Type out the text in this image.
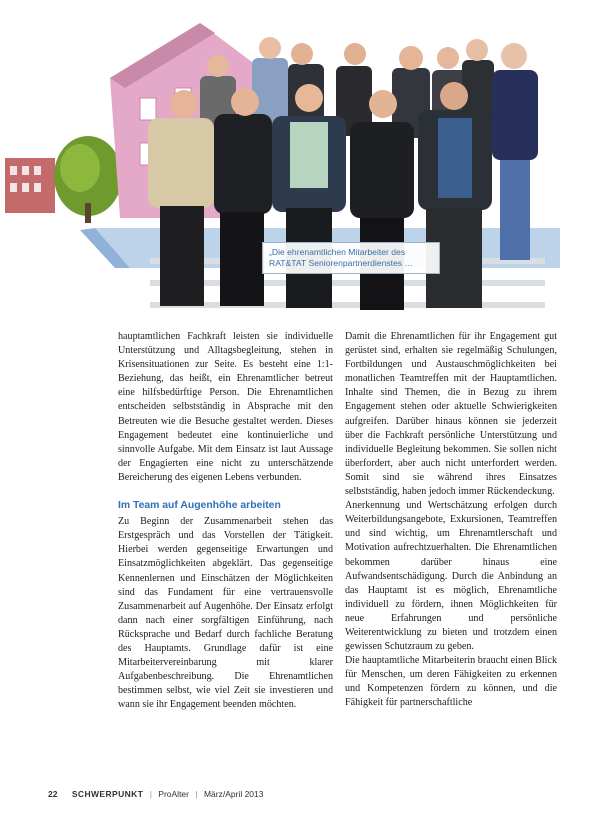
„Die ehrenamtlichen Mitarbeiter des RAT&TAT Seniorenpartnerdienstes …

hauptamtlichen Fachkraft leisten sie individuelle Unterstützung und Alltagsbegleitung, stehen in Krisensituationen zur Seite. Es besteht eine 1:1-Beziehung, das heißt, ein Ehrenamtlicher betreut eine hilfsbedürftige Person. Die Ehrenamtlichen entscheiden selbstständig in Absprache mit den Betreuten wie die Besuche gestaltet werden. Dieses Engagement bedeutet eine kontinuierliche und sinnvolle Aufgabe. Mit dem Einsatz ist laut Aussage der Engagierten eine nicht zu unterschätzende Bereicherung des eigenen Lebens verbunden.

Im Team auf Augenhöhe arbeiten

Zu Beginn der Zusammenarbeit stehen das Erstgespräch und das Vorstellen der Tätigkeit. Hierbei werden gegenseitige Erwartungen und Einsatzmöglichkeiten abgeklärt. Das gegenseitige Kennenlernen und Einschätzen der Möglichkeiten sind das Fundament für eine vertrauensvolle Zusammenarbeit auf Augenhöhe. Der Einsatz erfolgt dann nach einer sorgfältigen Einführung, nach Rücksprache und Bedarf durch fachliche Beratung des Hauptamts. Grundlage dafür ist eine Mitarbeitervereinbarung mit klarer Aufgabenbeschreibung. Die Ehrenamtlichen bestimmen selbst, wie viel Zeit sie investieren und wann sie ihr Engagement beenden möchten.

Damit die Ehrenamtlichen für ihr Engagement gut gerüstet sind, erhalten sie regelmäßig Schulungen, Fortbildungen und Austauschmöglichkeiten bei monatlichen Teamtreffen mit der Hauptamtlichen. Inhalte sind Themen, die in Bezug zu ihrem Engagement stehen oder aktuelle Schwierigkeiten aufgreifen. Darüber hinaus können sie jederzeit über die Fachkraft persönliche Unterstützung und individuelle Begleitung bekommen. Sie sollen nicht überfordert, aber auch nicht unterfordert werden. Somit sind sie während ihres Einsatzes selbstständig, haben jedoch immer Rückendeckung.

Anerkennung und Wertschätzung erfolgen durch Weiterbildungsangebote, Exkursionen, Teamtreffen und sind wichtig, um Ehrenamtlerschaft und Motivation aufrechtzuerhalten. Die Ehrenamtlichen bekommen darüber hinaus eine Aufwandsentschädigung. Durch die Anbindung an das Hauptamt ist es möglich, Ehrenamtliche individuell zu fördern, ihnen Möglichkeiten für neue Erfahrungen und persönliche Weiterentwicklung zu bieten und trotzdem einen gewissen Schutzraum zu geben.

Die hauptamtliche Mitarbeiterin braucht einen Blick für Menschen, um deren Fähigkeiten zu erkennen und Kompetenzen fördern zu können, und die Fähigkeit für partnerschaftliche

22 SCHWERPUNKT | ProAlter | März/April 2013
